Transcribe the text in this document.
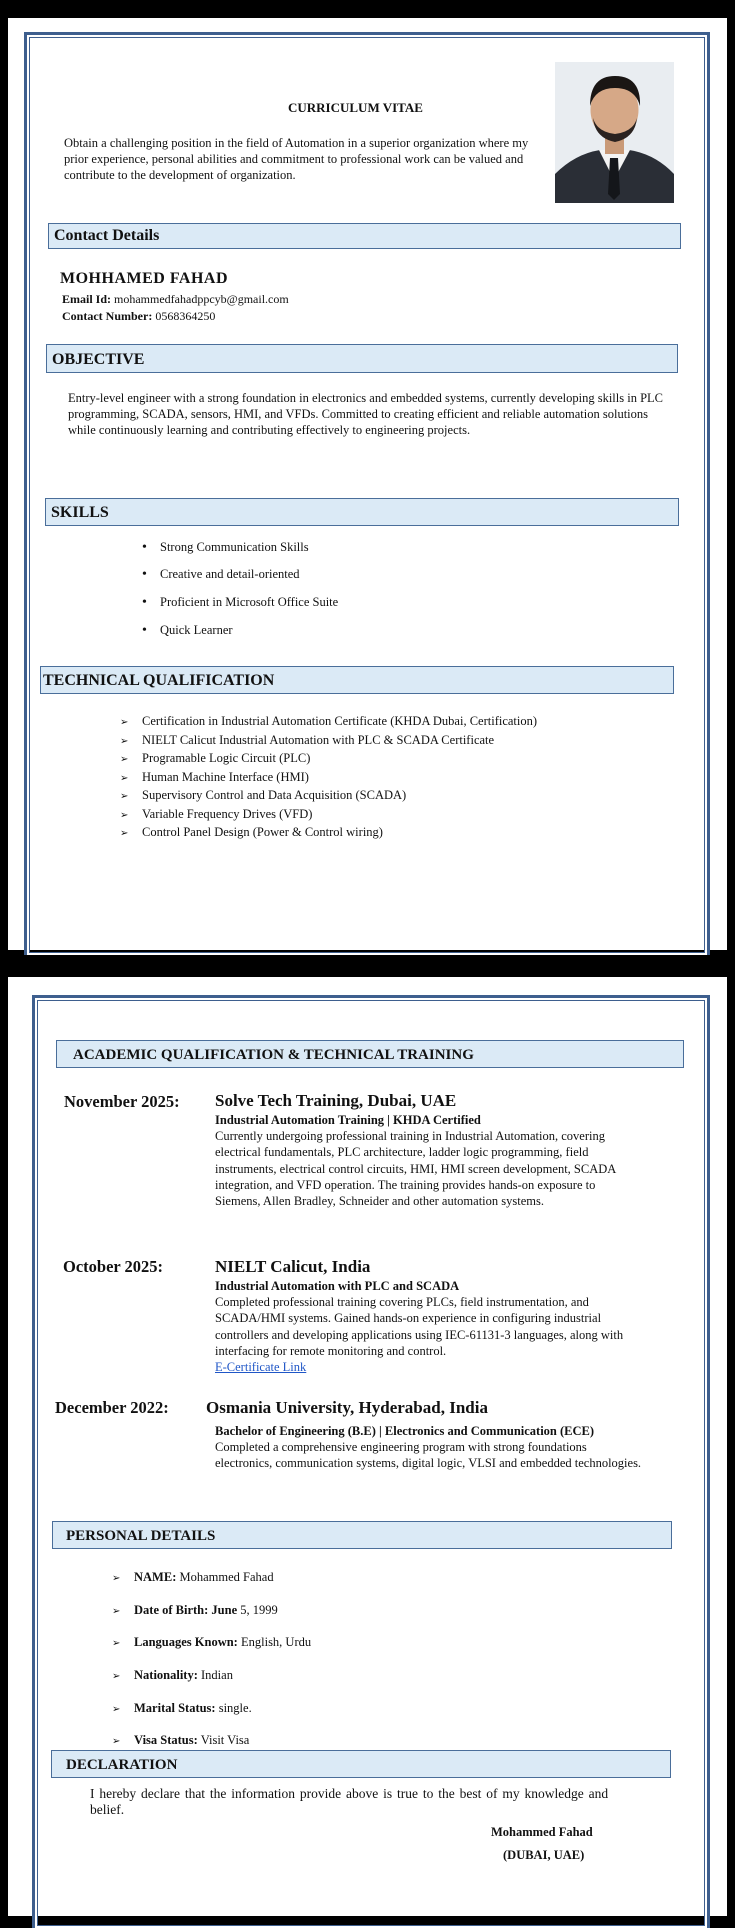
CURRICULUM VITAE
Obtain a challenging position in the field of Automation in a superior organization where my prior experience, personal abilities and commitment to professional work can be valued and contribute to the development of organization.
Contact Details
MOHHAMED FAHAD
Email Id: mohammedfahadppcyb@gmail.com
Contact Number: 0568364250
OBJECTIVE
Entry-level engineer with a strong foundation in electronics and embedded systems, currently developing skills in PLC programming, SCADA, sensors, HMI, and VFDs. Committed to creating efficient and reliable automation solutions while continuously learning and contributing effectively to engineering projects.
SKILLS
• Strong Communication Skills
• Creative and detail-oriented
• Proficient in Microsoft Office Suite
• Quick Learner
TECHNICAL QUALIFICATION
➢ Certification in Industrial Automation Certificate (KHDA Dubai, Certification)
➢ NIELT Calicut Industrial Automation with PLC & SCADA Certificate
➢ Programable Logic Circuit (PLC)
➢ Human Machine Interface (HMI)
➢ Supervisory Control and Data Acquisition (SCADA)
➢ Variable Frequency Drives (VFD)
➢ Control Panel Design (Power & Control wiring)
ACADEMIC QUALIFICATION & TECHNICAL TRAINING
November 2025: Solve Tech Training, Dubai, UAE
Industrial Automation Training | KHDA Certified
Currently undergoing professional training in Industrial Automation, covering electrical fundamentals, PLC architecture, ladder logic programming, field instruments, electrical control circuits, HMI, HMI screen development, SCADA integration, and VFD operation. The training provides hands-on exposure to Siemens, Allen Bradley, Schneider and other automation systems.
October 2025:	NIELT Calicut, India
Industrial Automation with PLC and SCADA
Completed professional training covering PLCs, field instrumentation, and SCADA/HMI systems. Gained hands-on experience in configuring industrial controllers and developing applications using IEC-61131-3 languages, along with interfacing for remote monitoring and control.
E-Certificate Link
December 2022: Osmania University, Hyderabad, India
Bachelor of Engineering (B.E) | Electronics and Communication (ECE)
Completed a comprehensive engineering program with strong foundations electronics, communication systems, digital logic, VLSI and embedded technologies.
PERSONAL DETAILS
➢ NAME: Mohammed Fahad
➢ Date of Birth: June 5, 1999
➢ Languages Known: English, Urdu
➢ Nationality: Indian
➢ Marital Status: single.
➢ Visa Status: Visit Visa
DECLARATION
I hereby declare that the information provide above is true to the best of my knowledge and belief.
Mohammed Fahad
(DUBAI, UAE)
